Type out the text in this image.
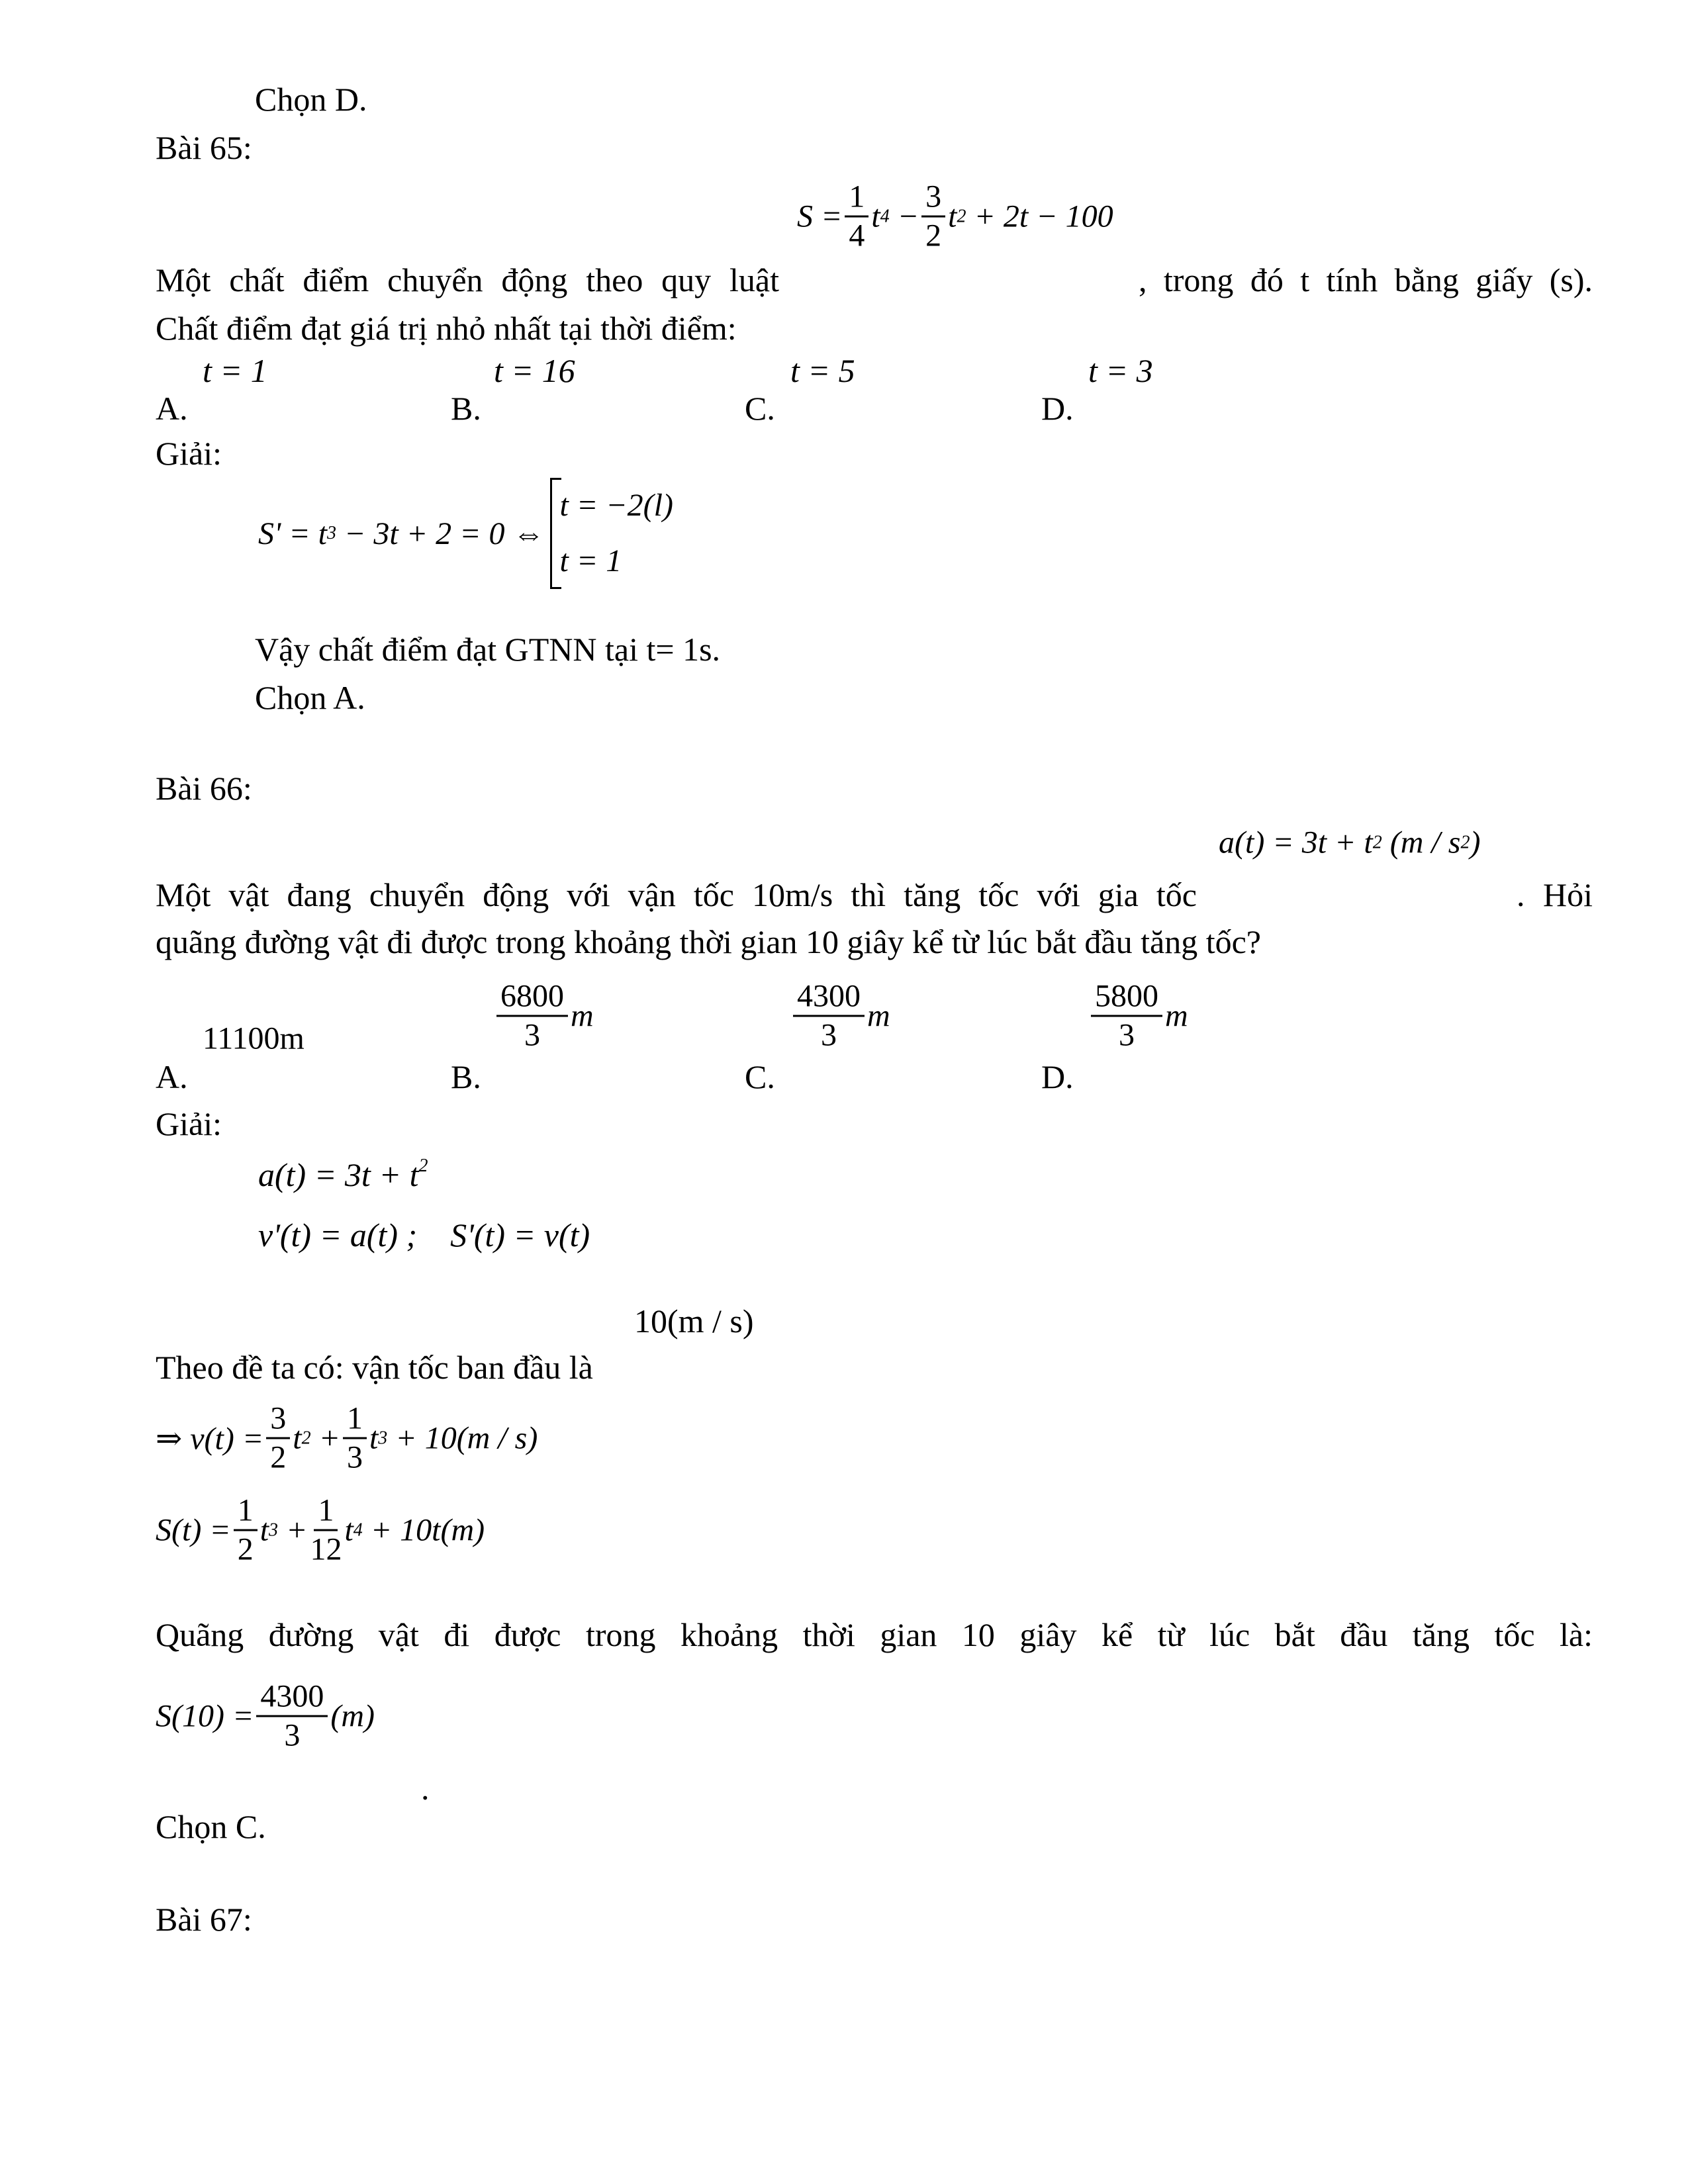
Chọn D.
Bài 65:
$S = \frac{1}{4}$ t 4
− $\frac{3}{2}$ t 2
+ 2t − 100
Một chất điểm chuyển động theo quy luật	, trong đó t tính bằng giấy (s).
Chất điểm đạt giá trị nhỏ nhất tại thời điểm:
t = 1	t = 16	t = 5	t = 3
A.	B.	C.	D.
Giải:
S' = t 3
− 3t + 2 = 0 ⇔
t = −2(l)
t = 1
Vậy chất điểm đạt GTNN tại t= 1s.
Chọn A.
Bài 66:
a(t) = 3t + t 2
(m / s 2 )
Một vật đang chuyển động với vận tốc 10m/s thì tăng tốc với gia tốc	. Hỏi
quãng đường vật đi được trong khoảng thời gian 10 giây kể từ lúc bắt đầu tăng tốc?
11100m	$\frac{6800}{3}$ m	$\frac{4300}{3}$ m	$\frac{5800}{3}$ m
A.	B.	C.	D.
Giải:
$a(t) = 3t + t^2$
v'(t) = a(t) ;    S'(t) = v(t)
10(m / s)
Theo đề ta có: vận tốc ban đầu là
⇒ $v(t) = \frac{3}{2}$ t 2
+ $\frac{1}{3}$ t 3
+ 10(m / s)
$S(t) = \frac{1}{2}$ t 3
+ $\frac{1}{12}$ t 4
+ 10t(m)
Quãng đường vật đi được trong khoảng thời gian 10 giây kể từ lúc bắt đầu tăng tốc là:
$S(10) = \frac{4300}{3} (m)$
.
Chọn C.
Bài 67:
